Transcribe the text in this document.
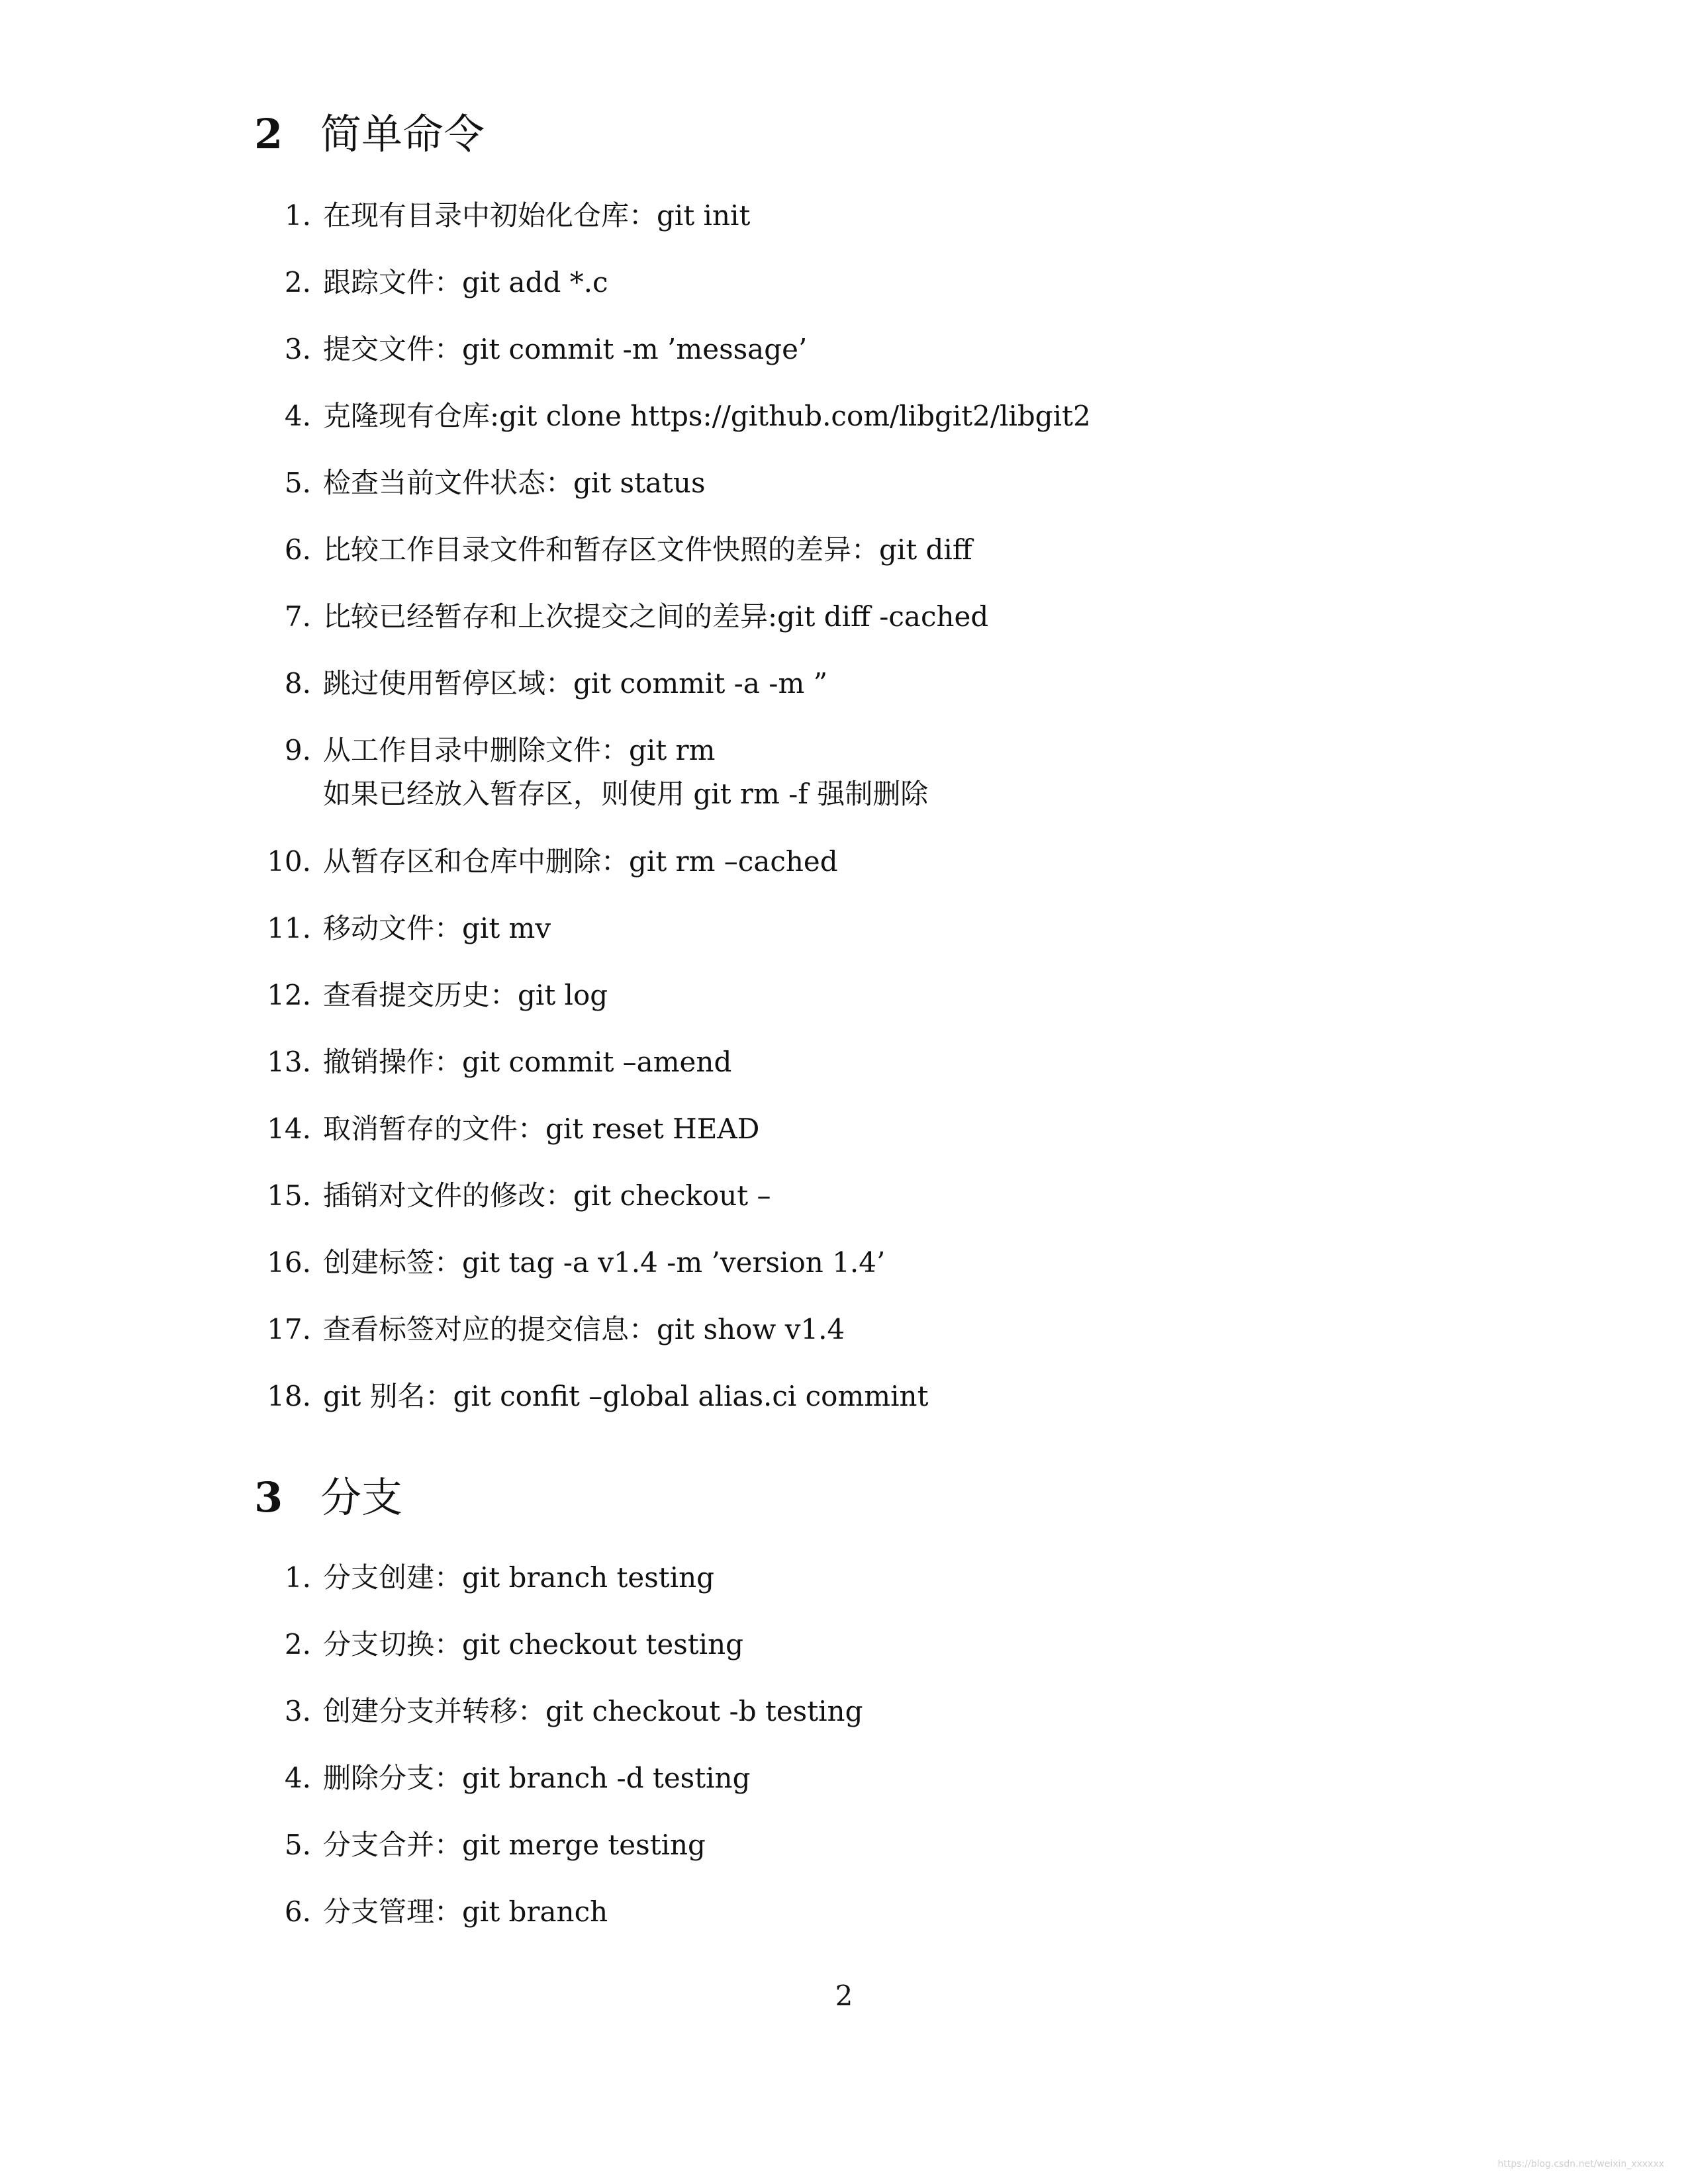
2 简单命令
1. 在现有目录中初始化仓库：git init
2. 跟踪文件：git add *.c
3. 提交文件：git commit -m ’message’
4. 克隆现有仓库:git clone https://github.com/libgit2/libgit2
5. 检查当前文件状态：git status
6. 比较工作目录文件和暂存区文件快照的差异：git diff
7. 比较已经暂存和上次提交之间的差异:git diff -cached
8. 跳过使用暂停区域：git commit -a -m ”
9. 从工作目录中删除文件：git rm
如果已经放入暂存区，则使用 git rm -f 强制删除
10. 从暂存区和仓库中删除：git rm –cached
11. 移动文件：git mv
12. 查看提交历史：git log
13. 撤销操作：git commit –amend
14. 取消暂存的文件：git reset HEAD
15. 插销对文件的修改：git checkout –
16. 创建标签：git tag -a v1.4 -m ’version 1.4’
17. 查看标签对应的提交信息：git show v1.4
18. git 别名：git confit –global alias.ci commint
3 分支
1. 分支创建：git branch testing
2. 分支切换：git checkout testing
3. 创建分支并转移：git checkout -b testing
4. 删除分支：git branch -d testing
5. 分支合并：git merge testing
6. 分支管理：git branch
2
https://blog.csdn.net/weixin_xxxxxx
